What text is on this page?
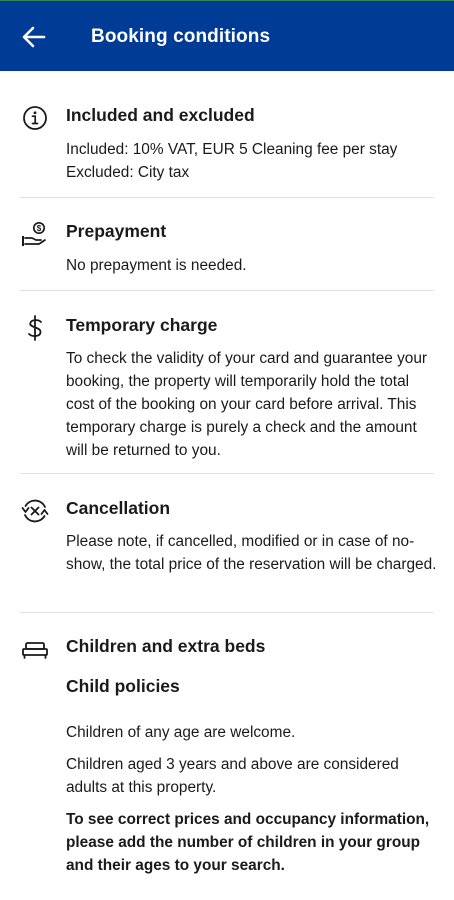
Booking conditions
Included and excluded
Included: 10% VAT, EUR 5 Cleaning fee per stay
Excluded: City tax
$ Prepayment
No prepayment is needed.
Temporary charge
To check the validity of your card and guarantee your booking, the property will temporarily hold the total cost of the booking on your card before arrival. This temporary charge is purely a check and the amount will be returned to you.
Cancellation
Please note, if cancelled, modified or in case of no-show, the total price of the reservation will be charged.
Children and extra beds
Child policies
Children of any age are welcome.
Children aged 3 years and above are considered adults at this property.
To see correct prices and occupancy information, please add the number of children in your group and their ages to your search.
